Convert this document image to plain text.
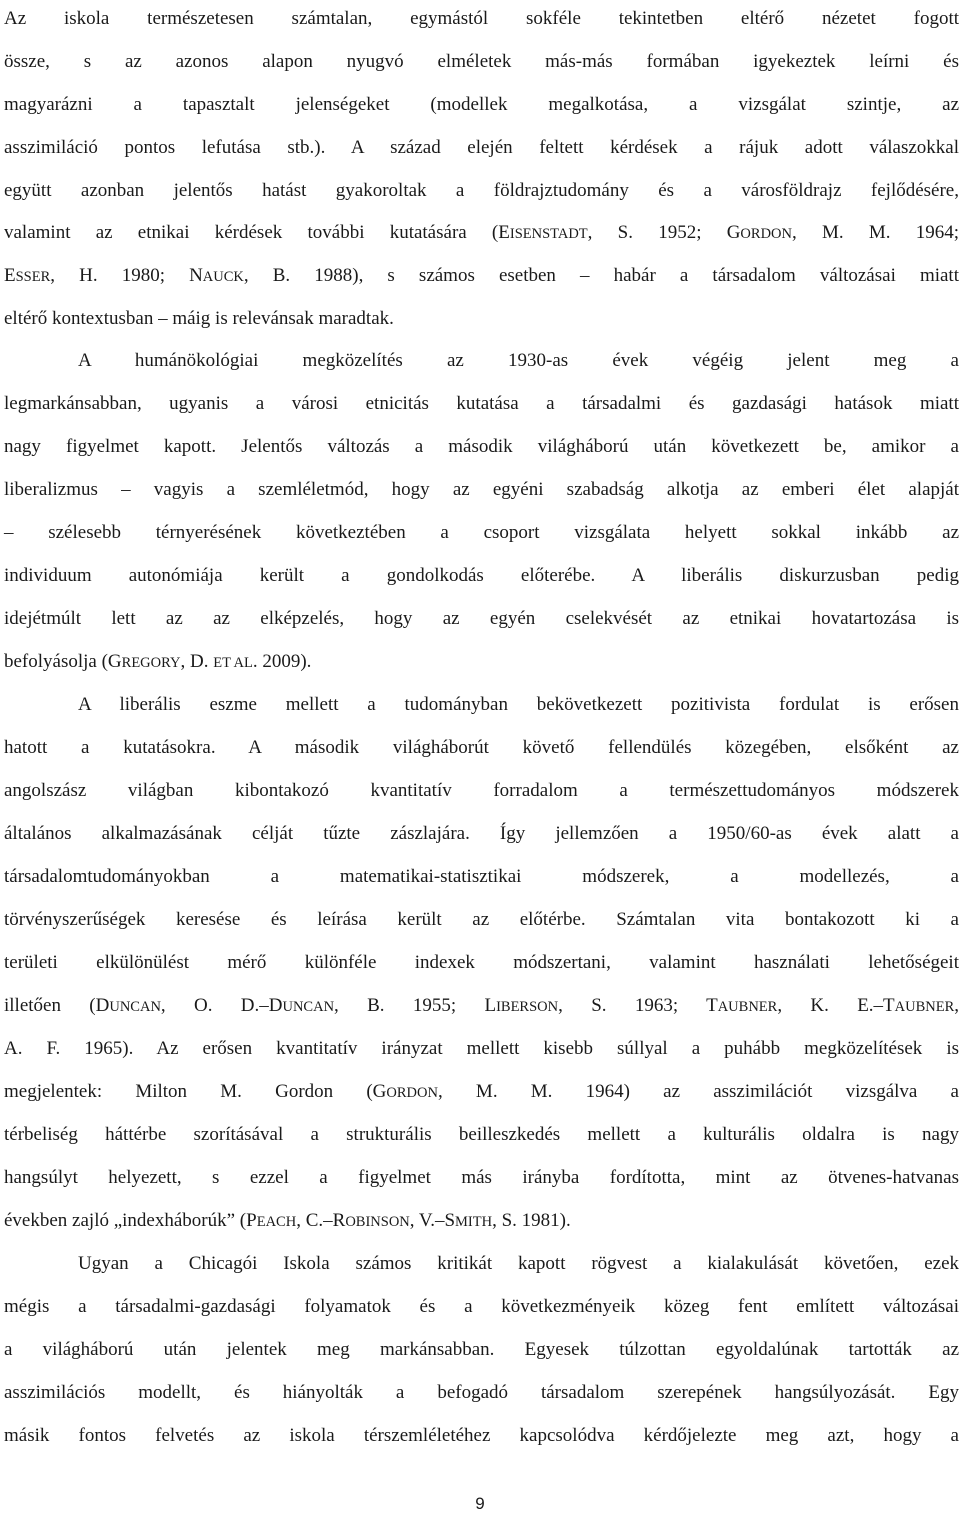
Az iskola természetesen számtalan, egymástól sokféle tekintetben eltérő nézetet fogott
össze, s az azonos alapon nyugvó elméletek más-más formában igyekeztek leírni és
magyarázni a tapasztalt jelenségeket (modellek megalkotása, a vizsgálat szintje, az
asszimiláció pontos lefutása stb.). A század elején feltett kérdések a rájuk adott válaszokkal
együtt azonban jelentős hatást gyakoroltak a földrajztudomány és a városföldrajz fejlődésére,
valamint az etnikai kérdések további kutatására (EISENSTADT, S. 1952; GORDON, M. M. 1964;
ESSER, H. 1980; NAUCK, B. 1988), s számos esetben – habár a társadalom változásai miatt
eltérő kontextusban – máig is relevánsak maradtak.
A humánökológiai megközelítés az 1930-as évek végéig jelent meg a
legmarkánsabban, ugyanis a városi etnicitás kutatása a társadalmi és gazdasági hatások miatt
nagy figyelmet kapott. Jelentős változás a második világháború után következett be, amikor a
liberalizmus – vagyis a szemléletmód, hogy az egyéni szabadság alkotja az emberi élet alapját
– szélesebb térnyerésének következtében a csoport vizsgálata helyett sokkal inkább az
individuum autonómiája került a gondolkodás előterébe. A liberális diskurzusban pedig
idejétmúlt lett az az elképzelés, hogy az egyén cselekvését az etnikai hovatartozása is
befolyásolja (GREGORY, D. ET AL. 2009).
A liberális eszme mellett a tudományban bekövetkezett pozitivista fordulat is erősen
hatott a kutatásokra. A második világháborút követő fellendülés közegében, elsőként az
angolszász világban kibontakozó kvantitatív forradalom a természettudományos módszerek
általános alkalmazásának célját tűzte zászlajára. Így jellemzően a 1950/60-as évek alatt a
társadalomtudományokban a matematikai-statisztikai módszerek, a modellezés, a
törvényszerűségek keresése és leírása került az előtérbe. Számtalan vita bontakozott ki a
területi elkülönülést mérő különféle indexek módszertani, valamint használati lehetőségeit
illetően (DUNCAN, O. D.–DUNCAN, B. 1955; LIBERSON, S. 1963; TAUBNER, K. E.–TAUBNER,
A. F. 1965). Az erősen kvantitatív irányzat mellett kisebb súllyal a puhább megközelítések is
megjelentek: Milton M. Gordon (GORDON, M. M. 1964) az asszimilációt vizsgálva a
térbeliség háttérbe szorításával a strukturális beilleszkedés mellett a kulturális oldalra is nagy
hangsúlyt helyezett, s ezzel a figyelmet más irányba fordította, mint az ötvenes-hatvanas
években zajló „indexháborúk” (PEACH, C.–ROBINSON, V.–SMITH, S. 1981).
Ugyan a Chicagói Iskola számos kritikát kapott rögvest a kialakulását követően, ezek
mégis a társadalmi-gazdasági folyamatok és a következményeik közeg fent említett változásai
a világháború után jelentek meg markánsabban. Egyesek túlzottan egyoldalúnak tartották az
asszimilációs modellt, és hiányolták a befogadó társadalom szerepének hangsúlyozását. Egy
másik fontos felvetés az iskola térszemléletéhez kapcsolódva kérdőjelezte meg azt, hogy a
9
